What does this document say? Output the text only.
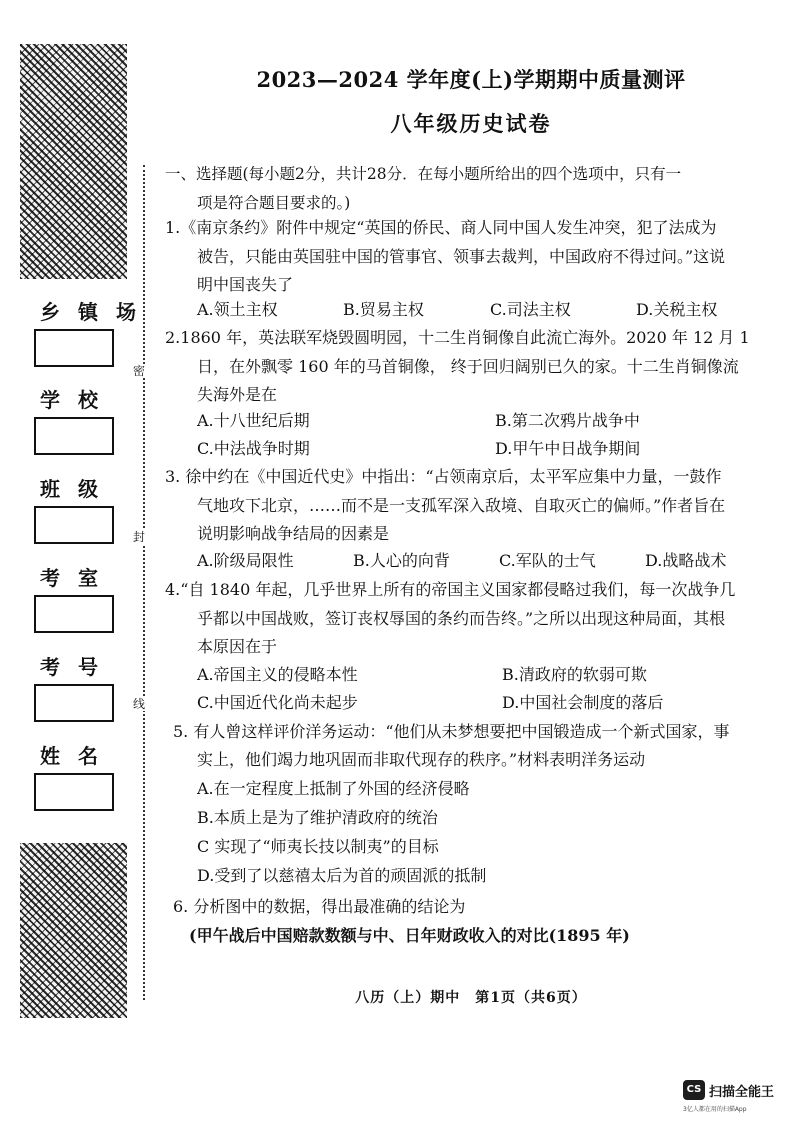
乡镇场
学校
班级
考室
考号
姓名
密
封
线
2023—2024 学年度(上)学期期中质量测评
八年级历史试卷
一、选择题(每小题2分，共计28分．在每小题所给出的四个选项中，只有一
项是符合题目要求的。)
1.《南京条约》附件中规定“英国的侨民、商人同中国人发生冲突，犯了法成为
被告，只能由英国驻中国的管事官、领事去裁判，中国政府不得过问。”这说
明中国丧失了
A.领土主权	B.贸易主权	C.司法主权	D.关税主权
2.1860 年，英法联军烧毁圆明园，十二生肖铜像自此流亡海外。2020 年 12 月 1
日，在外飘零 160 年的马首铜像， 终于回归阔别已久的家。十二生肖铜像流
失海外是在
A.十八世纪后期	B.第二次鸦片战争中
C.中法战争时期	D.甲午中日战争期间
3. 徐中约在《中国近代史》中指出：“占领南京后，太平军应集中力量，一鼓作
气地攻下北京，……而不是一支孤军深入敌境、自取灭亡的偏师。”作者旨在
说明影响战争结局的因素是
A.阶级局限性	B.人心的向背	C.军队的士气	D.战略战术
4.“自 1840 年起，几乎世界上所有的帝国主义国家都侵略过我们，每一次战争几
乎都以中国战败，签订丧权辱国的条约而告终。”之所以出现这种局面，其根
本原因在于
A.帝国主义的侵略本性	B.清政府的软弱可欺
C.中国近代化尚未起步	D.中国社会制度的落后
5. 有人曾这样评价洋务运动：“他们从未梦想要把中国锻造成一个新式国家，事
实上，他们竭力地巩固而非取代现存的秩序。”材料表明洋务运动
A.在一定程度上抵制了外国的经济侵略
B.本质上是为了维护清政府的统治
C 实现了“师夷长技以制夷”的目标
D.受到了以慈禧太后为首的顽固派的抵制
6. 分析图中的数据，得出最准确的结论为
(甲午战后中国赔款数额与中、日年财政收入的对比(1895 年)
八历（上）期中　第1页（共6页）
CS 扫描全能王
3亿人都在用的扫描App
